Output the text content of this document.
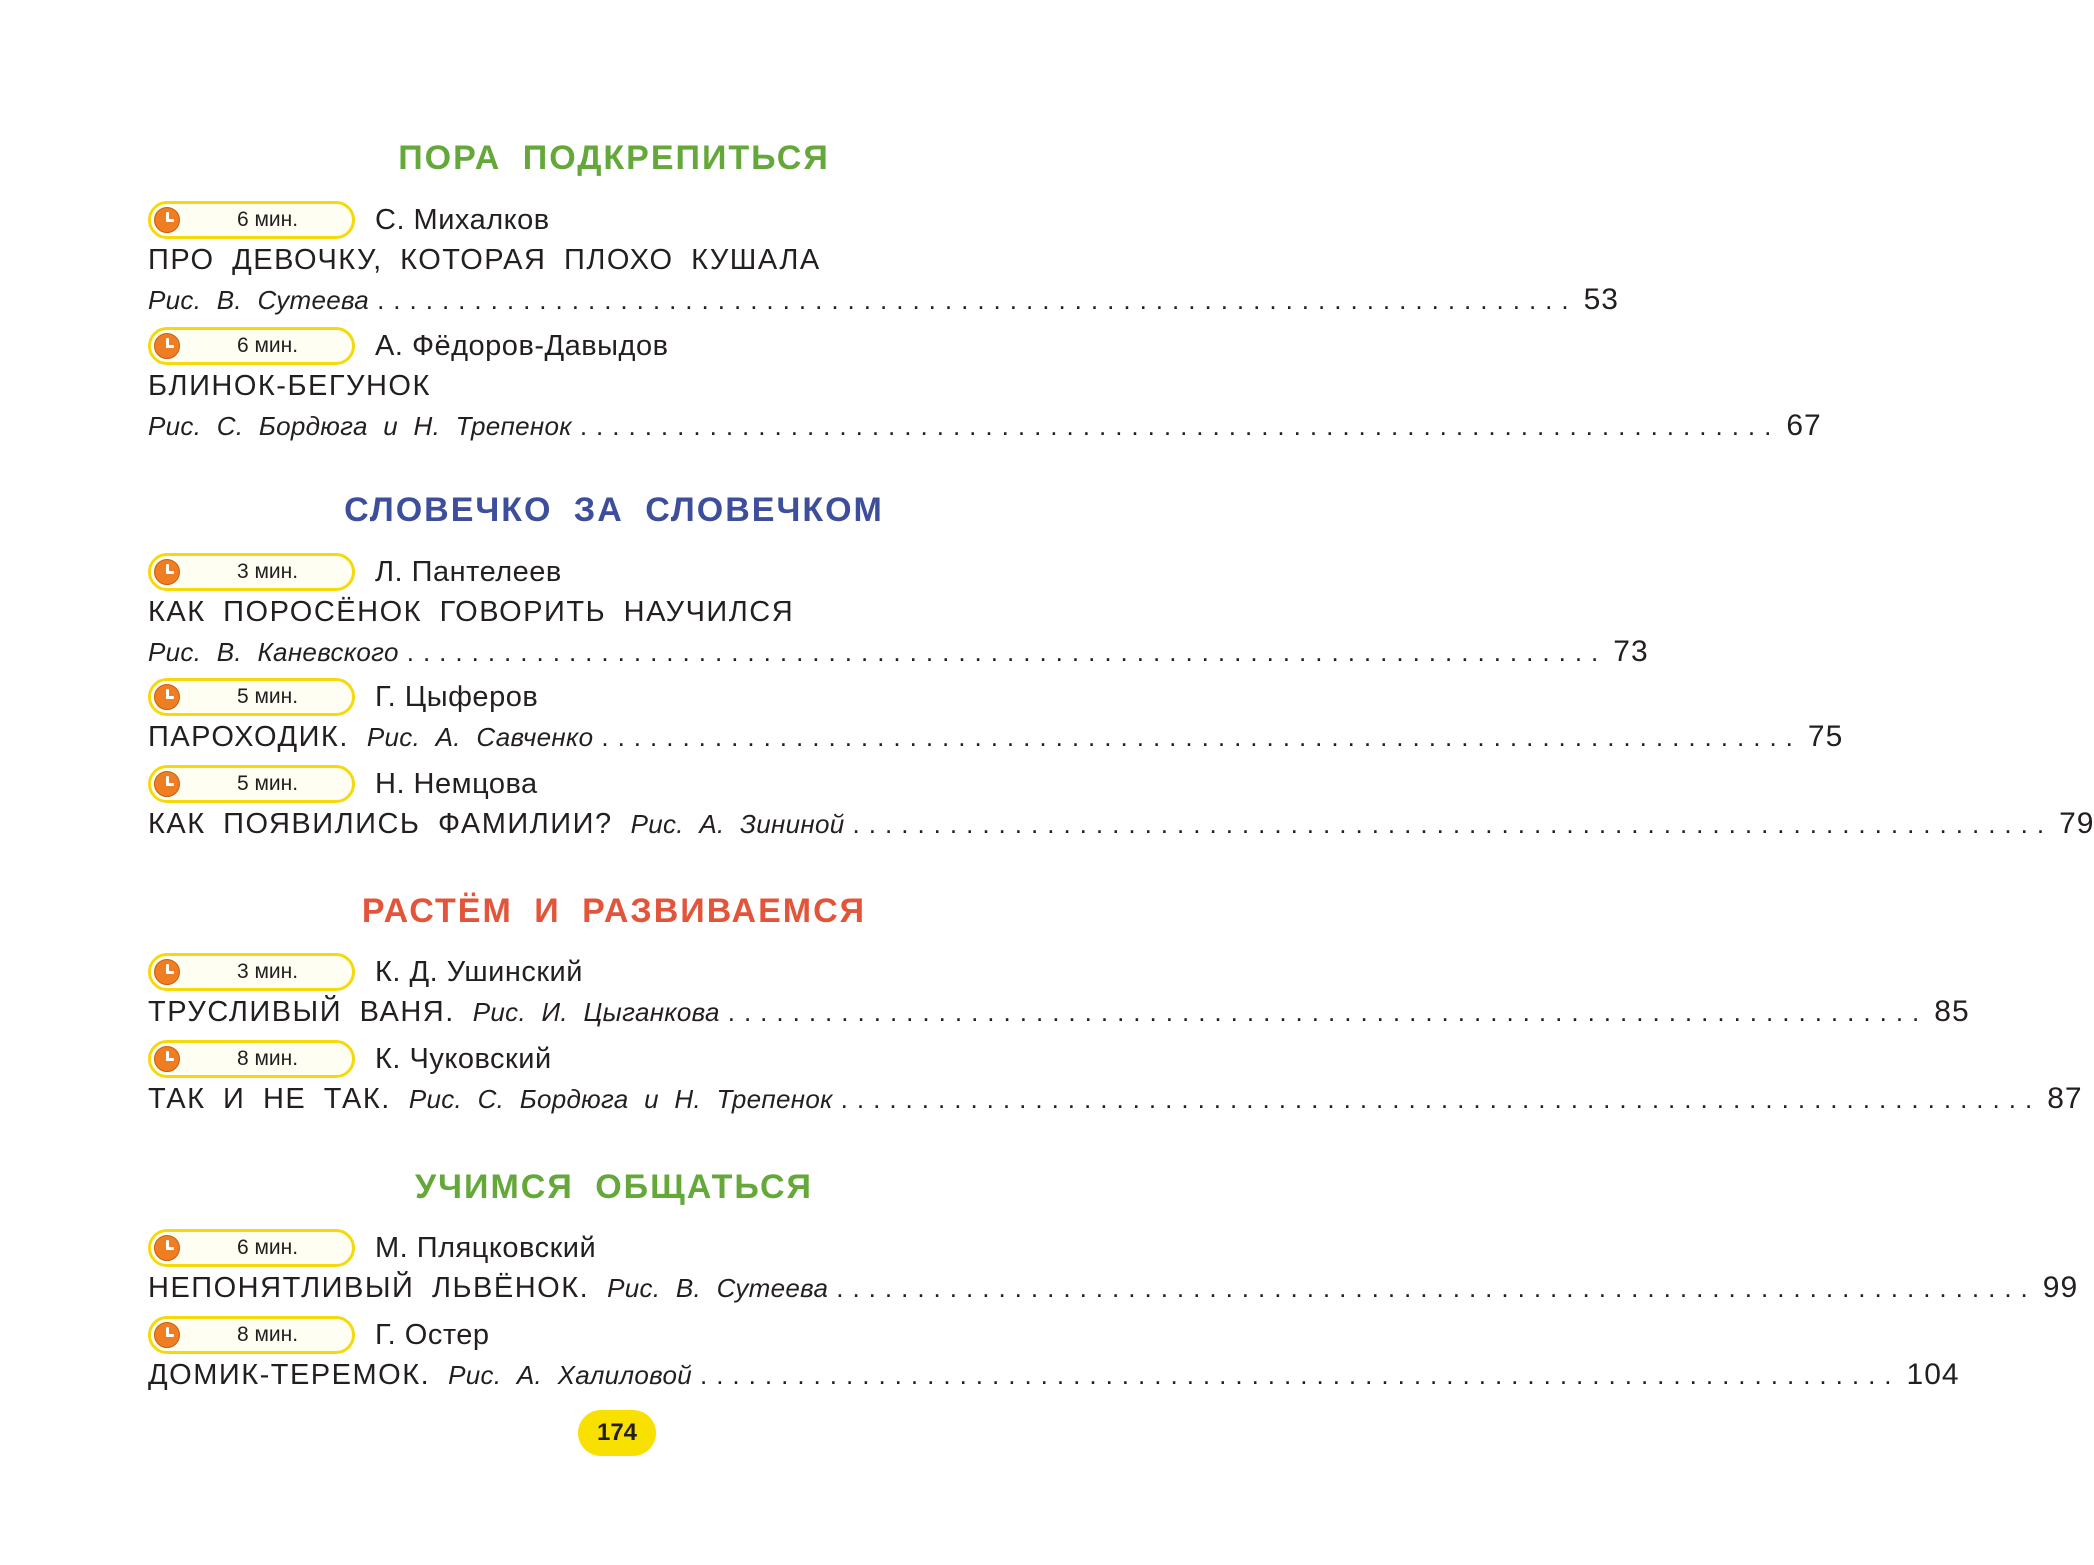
ПОРА ПОДКРЕПИТЬСЯ
6 мин.	С. Михалков
ПРО ДЕВОЧКУ, КОТОРАЯ ПЛОХО КУШАЛА
Рис. В. Сутеева .......................................................................... 53
6 мин.	А. Фёдоров-Давыдов
БЛИНОК-БЕГУНОК
Рис. С. Бордюга и Н. Трепенок .......................................................................... 67
СЛОВЕЧКО ЗА СЛОВЕЧКОМ
3 мин.	Л. Пантелеев
КАК ПОРОСЁНОК ГОВОРИТЬ НАУЧИЛСЯ
Рис. В. Каневского .......................................................................... 73
5 мин.	Г. Цыферов
ПАРОХОДИК. Рис. А. Савченко .......................................................................... 75
5 мин.	Н. Немцова
КАК ПОЯВИЛИСЬ ФАМИЛИИ? Рис. А. Зининой .......................................................................... 79
РАСТЁМ И РАЗВИВАЕМСЯ
3 мин.	К. Д. Ушинский
ТРУСЛИВЫЙ ВАНЯ. Рис. И. Цыганкова .......................................................................... 85
8 мин.	К. Чуковский
ТАК И НЕ ТАК. Рис. С. Бордюга и Н. Трепенок .......................................................................... 87
УЧИМСЯ ОБЩАТЬСЯ
6 мин.	М. Пляцковский
НЕПОНЯТЛИВЫЙ ЛЬВЁНОК. Рис. В. Сутеева .......................................................................... 99
8 мин.	Г. Остер
ДОМИК-ТЕРЕМОК. Рис. А. Халиловой .......................................................................... 104
174
